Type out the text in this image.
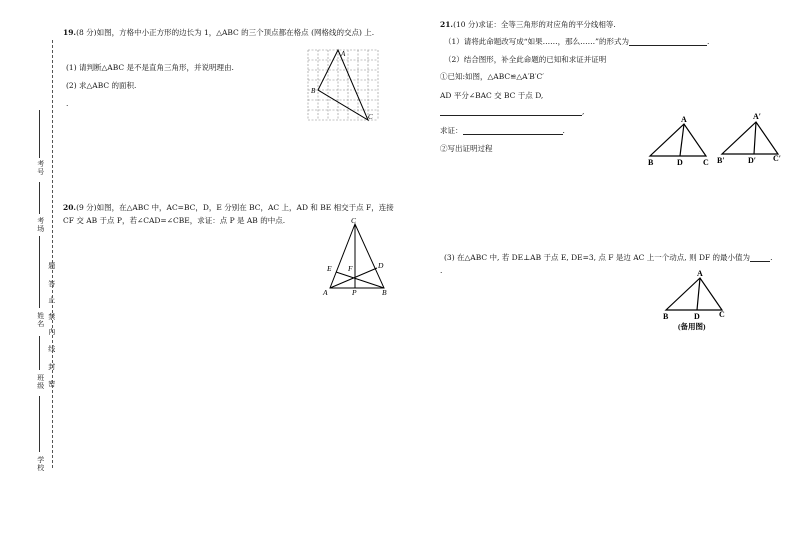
考号
考场
题
答
止
禁
内
线
封
密
姓名
班级
学校
19.(8 分)如图，方格中小正方形的边长为 1，△ABC 的三个顶点都在格点 (网格线的交点) 上.
(1) 请判断△ABC 是不是直角三角形，并说明理由.
(2) 求△ABC 的面积.
.
A
B
C
20.(9 分)如图，在△ABC 中，AC=BC，D，E 分别在 BC，AC 上，AD 和 BE 相交于点 F，连接
CF 交 AB 于点 P，若∠CAD=∠CBE，求证：点 P 是 AB 的中点.	C
E	D
F
A	P	B
21.(10 分)求证：全等三角形的对应角的平分线相等.
（1）请将此命题改写成“如果……，那么……”的形式为	.
（2）结合图形，补全此命题的已知和求证并证明
①已知:如图，△ABC≌△A′B′C′
AD 平分∠BAC 交 BC 于点 D,
,
求证：	.
②写出证明过程
A
B	D	C
A′
B′	D′ C′
(3) 在△ABC 中, 若 DE⊥AB 于点 E, DE=3, 点 F 是边 AC 上一个动点, 则 DF 的最小值为	.
.	A
B	D C
(备用图)
